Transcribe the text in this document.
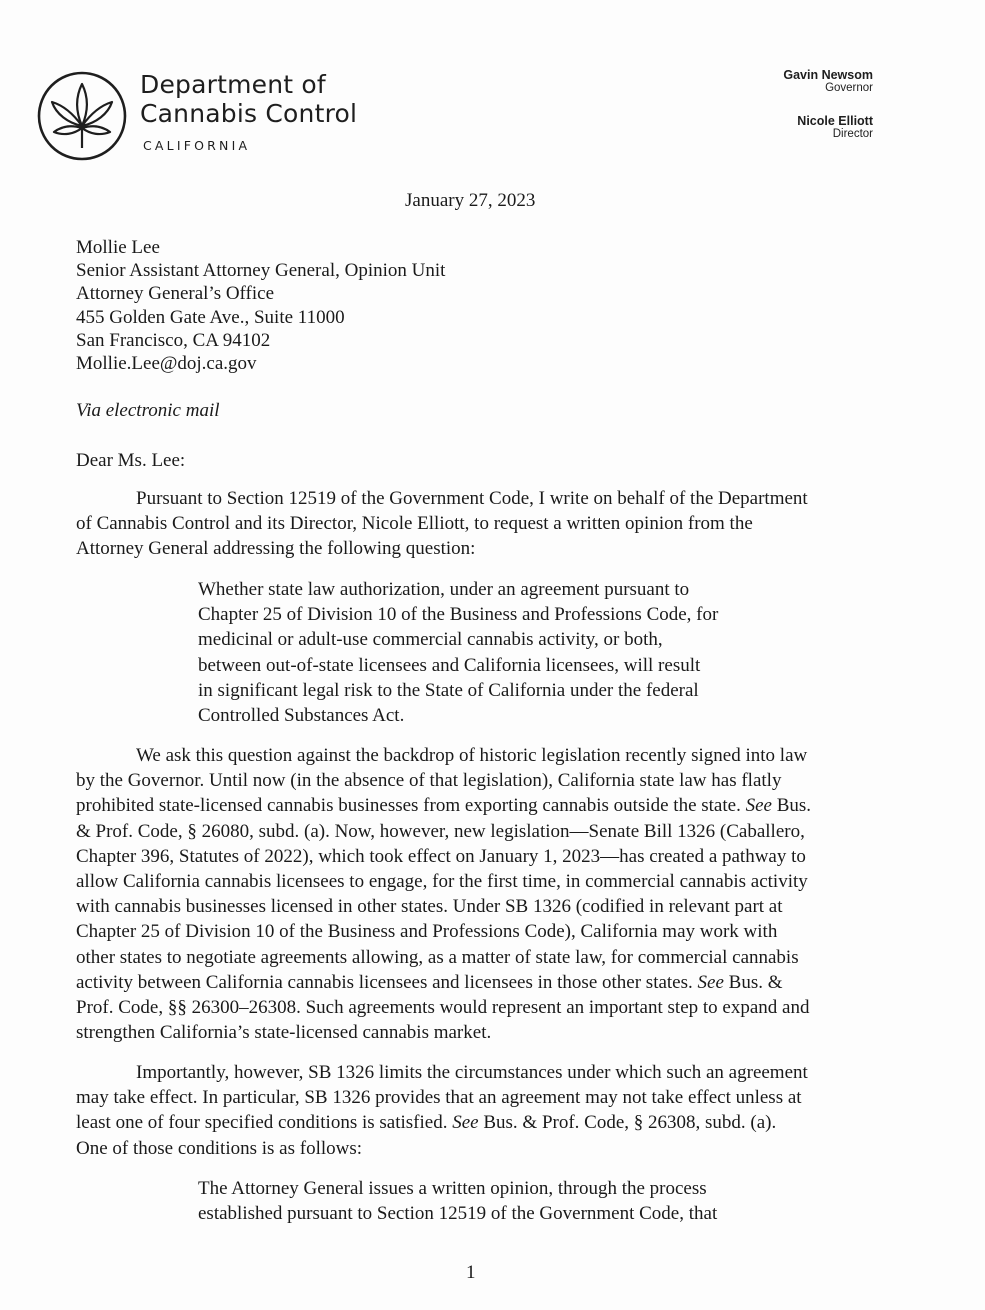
Department of
Cannabis Control
CALIFORNIA
Gavin Newsom
Governor
Nicole Elliott
Director
January 27, 2023
Mollie Lee
Senior Assistant Attorney General, Opinion Unit
Attorney General’s Office
455 Golden Gate Ave., Suite 11000
San Francisco, CA 94102
Mollie.Lee@doj.ca.gov
Via electronic mail
Dear Ms. Lee:

Pursuant to Section 12519 of the Government Code, I write on behalf of the Department
of Cannabis Control and its Director, Nicole Elliott, to request a written opinion from the
Attorney General addressing the following question:

Whether state law authorization, under an agreement pursuant to
Chapter 25 of Division 10 of the Business and Professions Code, for
medicinal or adult-use commercial cannabis activity, or both,
between out-of-state licensees and California licensees, will result
in significant legal risk to the State of California under the federal
Controlled Substances Act.

We ask this question against the backdrop of historic legislation recently signed into law
by the Governor. Until now (in the absence of that legislation), California state law has flatly
prohibited state-licensed cannabis businesses from exporting cannabis outside the state. See Bus.
& Prof. Code, § 26080, subd. (a). Now, however, new legislation—Senate Bill 1326 (Caballero,
Chapter 396, Statutes of 2022), which took effect on January 1, 2023—has created a pathway to
allow California cannabis licensees to engage, for the first time, in commercial cannabis activity
with cannabis businesses licensed in other states. Under SB 1326 (codified in relevant part at
Chapter 25 of Division 10 of the Business and Professions Code), California may work with
other states to negotiate agreements allowing, as a matter of state law, for commercial cannabis
activity between California cannabis licensees and licensees in those other states. See Bus. &
Prof. Code, §§ 26300–26308. Such agreements would represent an important step to expand and
strengthen California’s state-licensed cannabis market.

Importantly, however, SB 1326 limits the circumstances under which such an agreement
may take effect. In particular, SB 1326 provides that an agreement may not take effect unless at
least one of four specified conditions is satisfied. See Bus. & Prof. Code, § 26308, subd. (a).
One of those conditions is as follows:

The Attorney General issues a written opinion, through the process
established pursuant to Section 12519 of the Government Code, that

1
